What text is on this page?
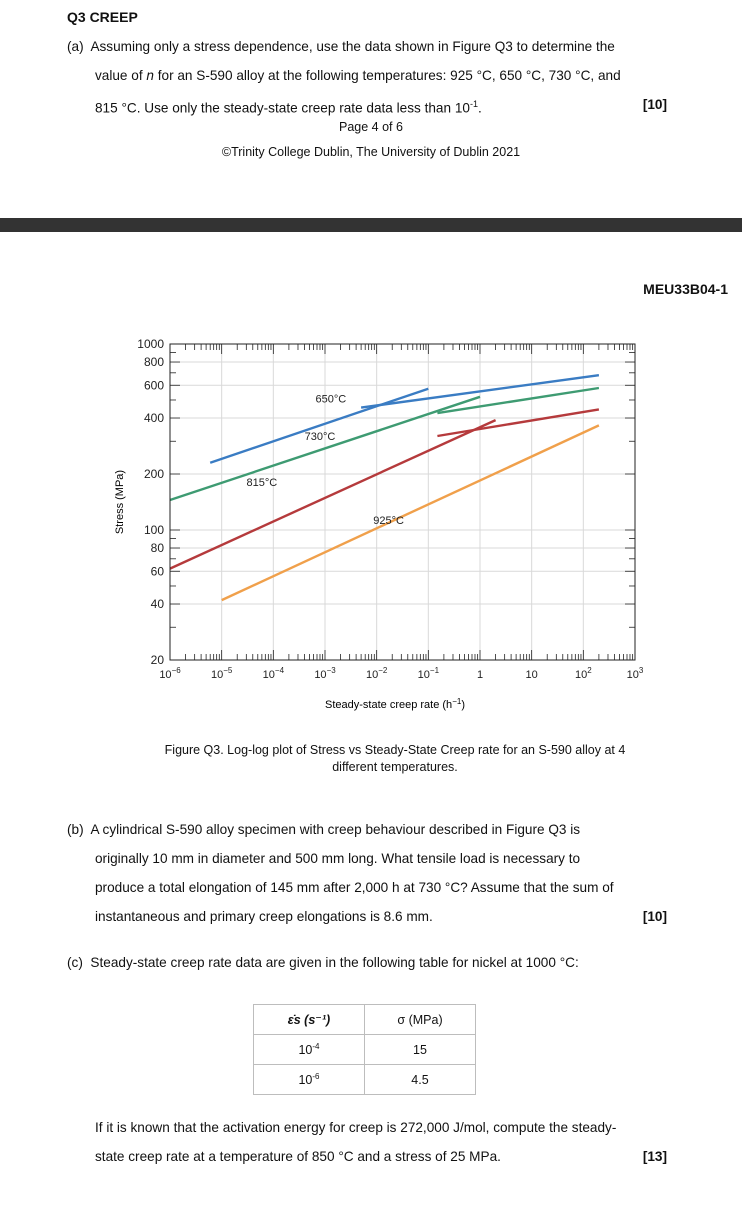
Q3 CREEP
(a) Assuming only a stress dependence, use the data shown in Figure Q3 to determine the
value of n for an S-590 alloy at the following temperatures: 925 °C, 650 °C, 730 °C, and
815 °C. Use only the steady-state creep rate data less than $10^{-1}$.	[10]
Page 4 of 6
©Trinity College Dublin, The University of Dublin 2021
MEU33B04-1
1000
800
600
400
200
100
80
60
40
20
$10^{-6}$	$10^{-5}$	$10^{-4}$	$10^{-3}$	$10^{-2}$	$10^{-1}$	1	10	$10^2$	$10^3$
650°C
730°C
815°C
925°C
Stress (MPa)
Steady-state creep rate $(h^{-1})$
Figure Q3. Log-log plot of Stress vs Steady-State Creep rate for an S-590 alloy at 4
different temperatures.
(b) A cylindrical S-590 alloy specimen with creep behaviour described in Figure Q3 is
originally 10 mm in diameter and 500 mm long. What tensile load is necessary to
produce a total elongation of 145 mm after 2,000 h at 730 °C? Assume that the sum of
instantaneous and primary creep elongations is 8.6 mm.	[10]
(c) Steady-state creep rate data are given in the following table for nickel at 1000 °C:
ε̇s (s⁻¹)	σ (MPa)
$10^{-4}$	15
$10^{-6}$	4.5
If it is known that the activation energy for creep is 272,000 J/mol, compute the steady-
state creep rate at a temperature of 850 °C and a stress of 25 MPa.	[13]
